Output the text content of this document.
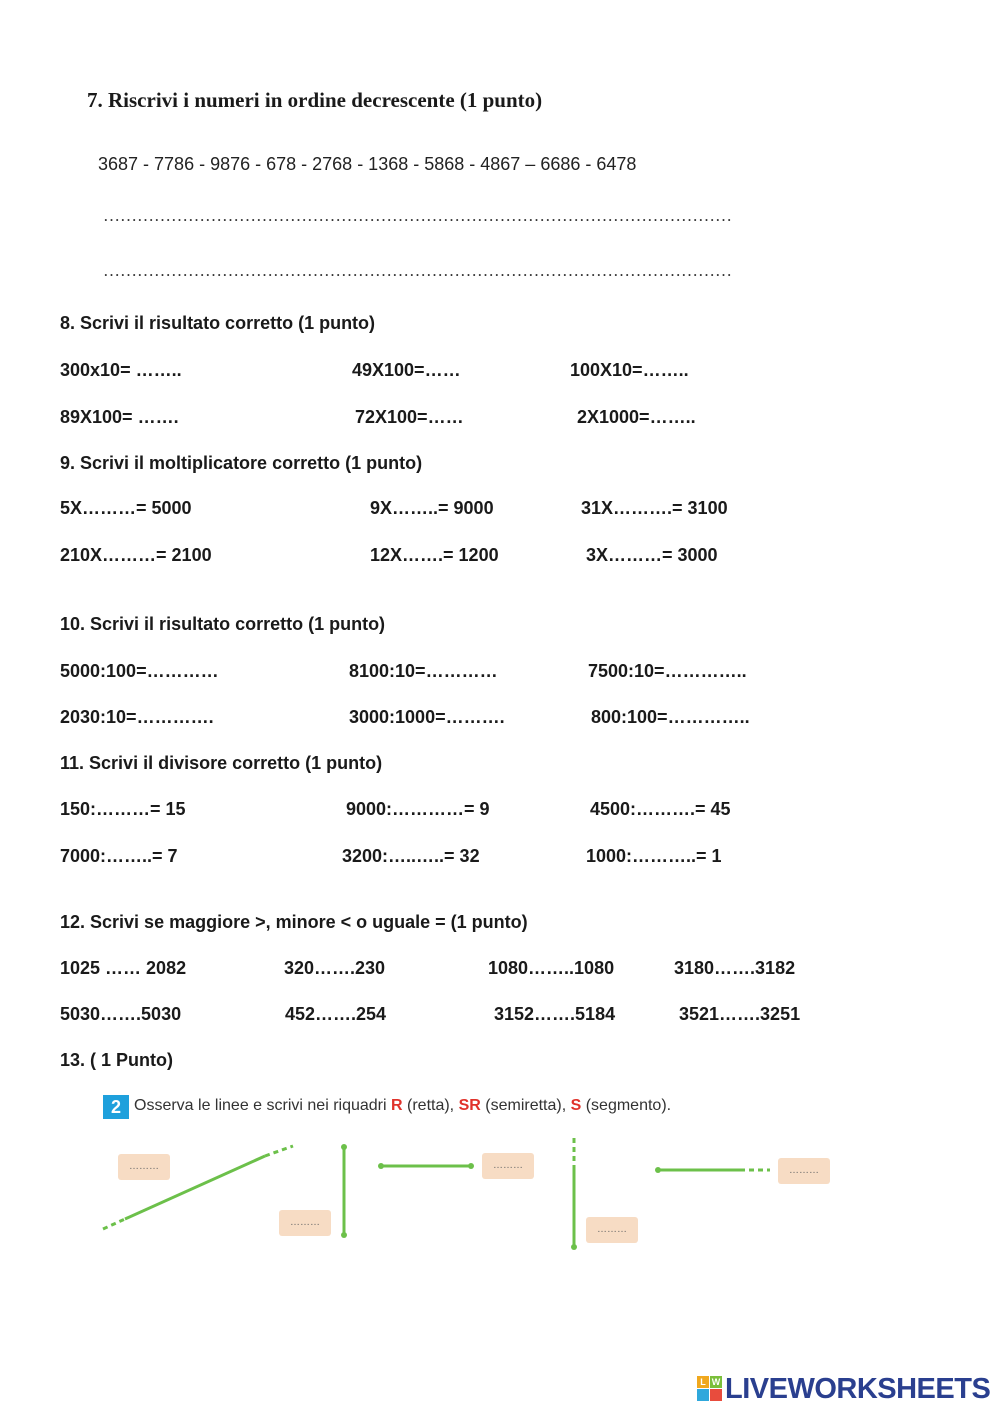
7. Riscrivi i numeri in ordine decrescente (1 punto)
3687 - 7786 - 9876 - 678 - 2768 - 1368 - 5868 - 4867 – 6686 - 6478
…………………………………………………………………………………………………
…………………………………………………………………………………………………
8. Scrivi il risultato corretto (1 punto)
300x10= ……..	49X100=……	100X10=……..
89X100= …….	72X100=……	2X1000=……..
9. Scrivi il moltiplicatore corretto (1 punto)
5X………= 5000	9X……..= 9000	31X……….= 3100
210X………= 2100	12X…….= 1200	3X………= 3000
10. Scrivi il risultato corretto (1 punto)
5000:100=…………	8100:10=…………	7500:10=…………..
2030:10=………….	3000:1000=……….	800:100=…………..
11. Scrivi il divisore corretto (1 punto)
150:………= 15	9000:…………= 9	4500:……….= 45
7000:……..= 7	3200:…..…..= 32	1000:………..= 1
12. Scrivi se maggiore >, minore < o uguale = (1 punto)
1025 …… 2082	320…….230	1080……..1080	3180…….3182
5030…….5030	452…….254	3152…….5184	3521…….3251
13. ( 1 Punto)
2 Osserva le linee e scrivi nei riquadri R (retta), SR (semiretta), S (segmento).
………
………
………
………
………
L W LIVEWORKSHEETS
